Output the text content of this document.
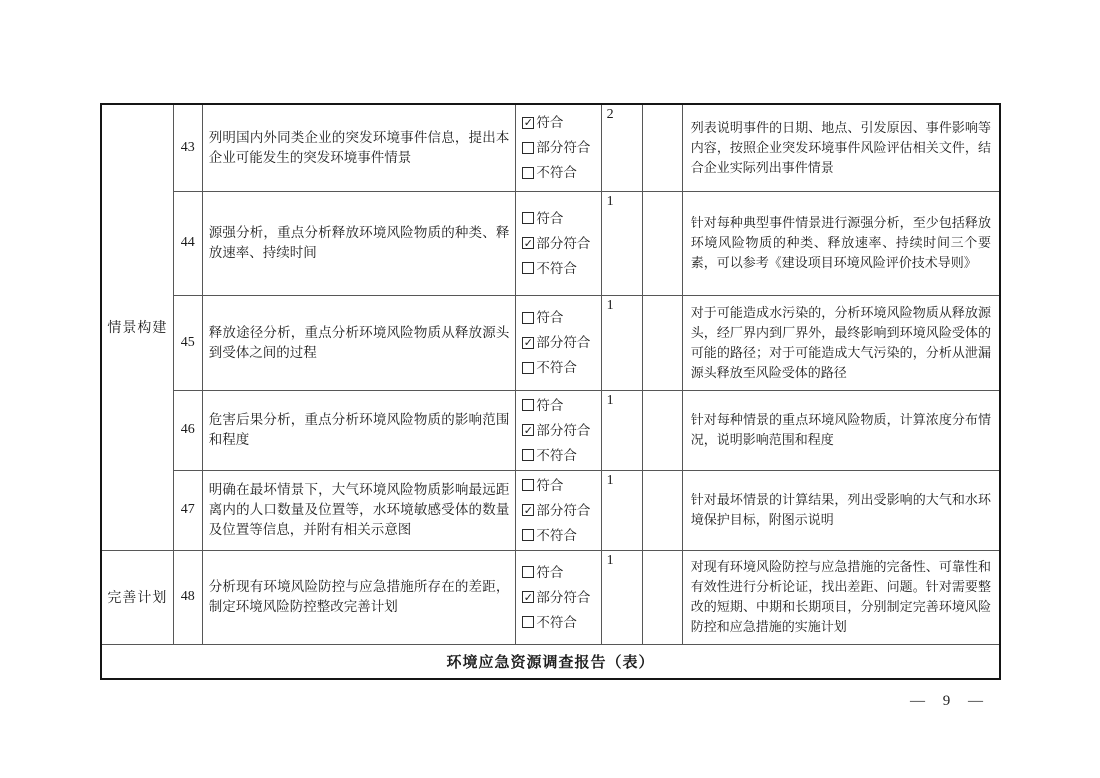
情景构建	43	列明国内外同类企业的突发环境事件信息，提出本企业可能发生的突发环境事件情景	✓ 符合
部分符合
不符合	2		列表说明事件的日期、地点、引发原因、事件影响等内容，按照企业突发环境事件风险评估相关文件，结合企业实际列出事件情景
	44	源强分析，重点分析释放环境风险物质的种类、释放速率、持续时间	符合
✓ 部分符合
不符合	1		针对每种典型事件情景进行源强分析，至少包括释放环境风险物质的种类、释放速率、持续时间三个要素，可以参考《建设项目环境风险评价技术导则》
	45	释放途径分析，重点分析环境风险物质从释放源头到受体之间的过程	符合
✓ 部分符合
不符合	1		对于可能造成水污染的，分析环境风险物质从释放源头，经厂界内到厂界外，最终影响到环境风险受体的可能的路径；对于可能造成大气污染的，分析从泄漏源头释放至风险受体的路径
	46	危害后果分析，重点分析环境风险物质的影响范围和程度	符合
✓ 部分符合
不符合	1		针对每种情景的重点环境风险物质，计算浓度分布情况，说明影响范围和程度
	47	明确在最坏情景下，大气环境风险物质影响最远距离内的人口数量及位置等，水环境敏感受体的数量及位置等信息，并附有相关示意图	符合
✓ 部分符合
不符合	1		针对最坏情景的计算结果，列出受影响的大气和水环境保护目标，附图示说明
完善计划	48	分析现有环境风险防控与应急措施所存在的差距，制定环境风险防控整改完善计划	符合
✓ 部分符合
不符合	1		对现有环境风险防控与应急措施的完备性、可靠性和有效性进行分析论证，找出差距、问题。针对需要整改的短期、中期和长期项目，分别制定完善环境风险防控和应急措施的实施计划
环境应急资源调查报告（表）						
— 9 —
